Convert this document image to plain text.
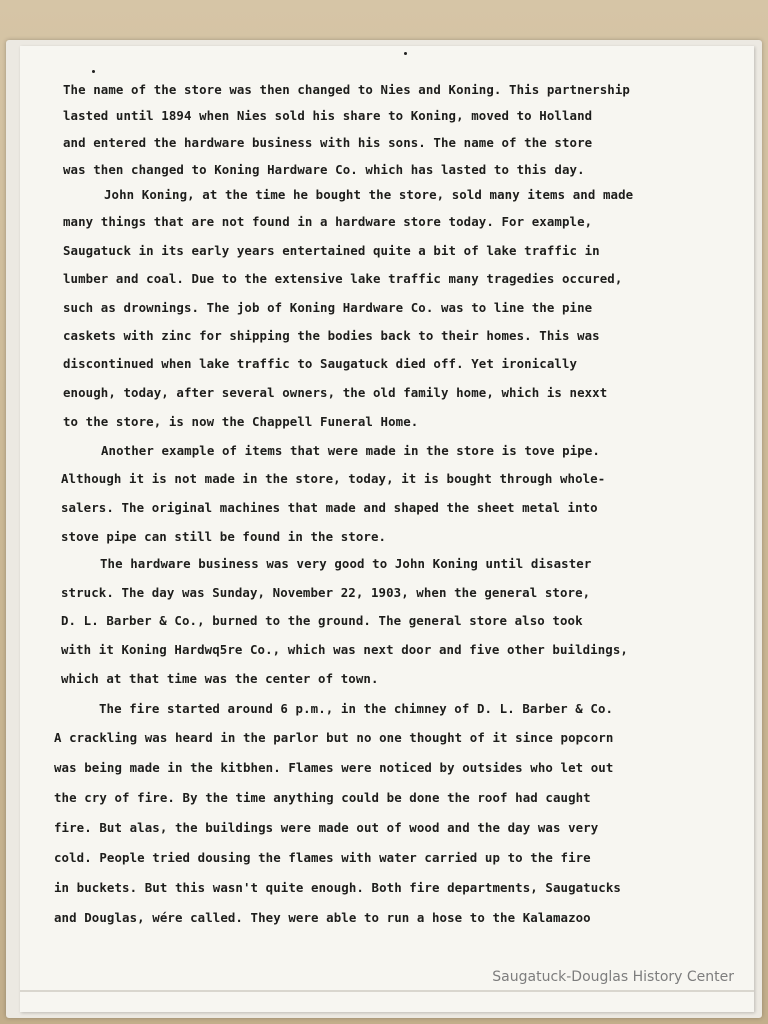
The name of the store was then changed to Nies and Koning. This partnership
lasted until 1894 when Nies sold his share to Koning, moved to Holland
and entered the hardware business with his sons. The name of the store
was then changed to Koning Hardware Co. which has lasted to this day.
John Koning, at the time he bought the store, sold many items and made
many things that are not found in a hardware store today. For example,
Saugatuck in its early years entertained quite a bit of lake traffic in
lumber and coal. Due to the extensive lake traffic many tragedies occured,
such as drownings. The job of Koning Hardware Co. was to line the pine
caskets with zinc for shipping the bodies back to their homes. This was
discontinued when lake traffic to Saugatuck died off. Yet ironically
enough, today, after several owners, the old family home, which is nexxt
to the store, is now the Chappell Funeral Home.
Another example of items that were made in the store is tove pipe.
Although it is not made in the store, today, it is bought through whole-
salers. The original machines that made and shaped the sheet metal into
stove pipe can still be found in the store.
The hardware business was very good to John Koning until disaster
struck. The day was Sunday, November 22, 1903, when the general store,
D. L. Barber & Co., burned to the ground. The general store also took
with it Koning Hardwq5re Co., which was next door and five other buildings,
which at that time was the center of town.
The fire started around 6 p.m., in the chimney of D. L. Barber & Co.
A crackling was heard in the parlor but no one thought of it since popcorn
was being made in the kitbhen. Flames were noticed by outsides who let out
the cry of fire. By the time anything could be done the roof had caught
fire. But alas, the buildings were made out of wood and the day was very
cold. People tried dousing the flames with water carried up to the fire
in buckets. But this wasn't quite enough. Both fire departments, Saugatucks
and Douglas, wére called. They were able to run a hose to the Kalamazoo
Saugatuck-Douglas History Center
